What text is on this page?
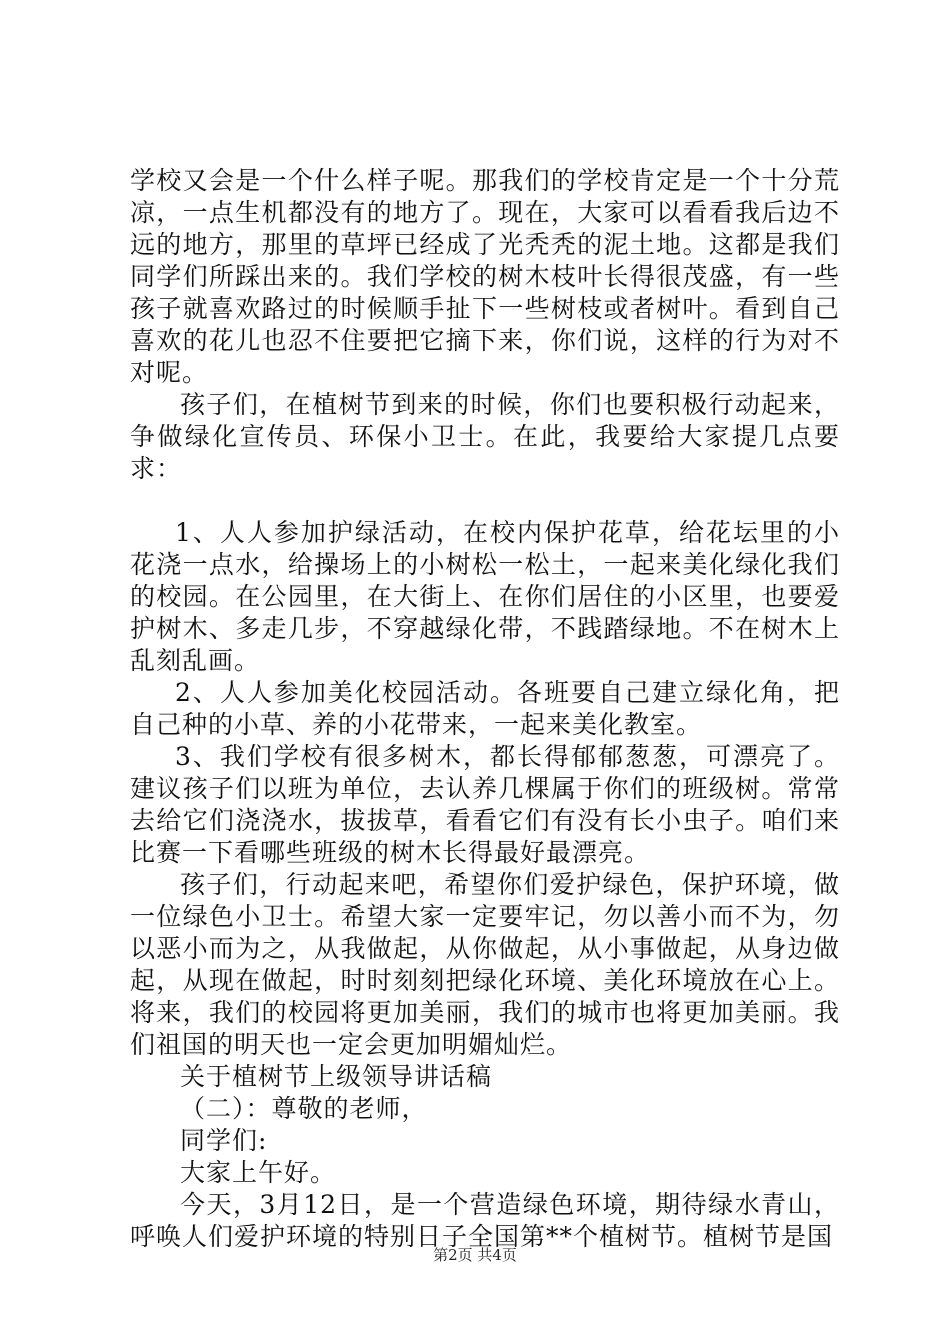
学校又会是一个什么样子呢。那我们的学校肯定是一个十分荒凉，一点生机都没有的地方了。现在，大家可以看看我后边不远的地方，那里的草坪已经成了光秃秃的泥土地。这都是我们同学们所踩出来的。我们学校的树木枝叶长得很茂盛，有一些孩子就喜欢路过的时候顺手扯下一些树枝或者树叶。看到自己喜欢的花儿也忍不住要把它摘下来，你们说，这样的行为对不对呢。

孩子们，在植树节到来的时候，你们也要积极行动起来，争做绿化宣传员、环保小卫士。在此，我要给大家提几点要求：

1、人人参加护绿活动，在校内保护花草，给花坛里的小花浇一点水，给操场上的小树松一松土，一起来美化绿化我们的校园。在公园里，在大街上、在你们居住的小区里，也要爱护树木、多走几步，不穿越绿化带，不践踏绿地。不在树木上乱刻乱画。

2、人人参加美化校园活动。各班要自己建立绿化角，把自己种的小草、养的小花带来，一起来美化教室。

3、我们学校有很多树木，都长得郁郁葱葱，可漂亮了。建议孩子们以班为单位，去认养几棵属于你们的班级树。常常去给它们浇浇水，拔拔草，看看它们有没有长小虫子。咱们来比赛一下看哪些班级的树木长得最好最漂亮。

孩子们，行动起来吧，希望你们爱护绿色，保护环境，做一位绿色小卫士。希望大家一定要牢记，勿以善小而不为，勿以恶小而为之，从我做起，从你做起，从小事做起，从身边做起，从现在做起，时时刻刻把绿化环境、美化环境放在心上。将来，我们的校园将更加美丽，我们的城市也将更加美丽。我们祖国的明天也一定会更加明媚灿烂。

关于植树节上级领导讲话稿

（二）：尊敬的老师，

同学们:

大家上午好。

今天，3月12日，是一个营造绿色环境，期待绿水青山，呼唤人们爱护环境的特别日子全国第**个植树节。植树节是国

第2页 共4页
